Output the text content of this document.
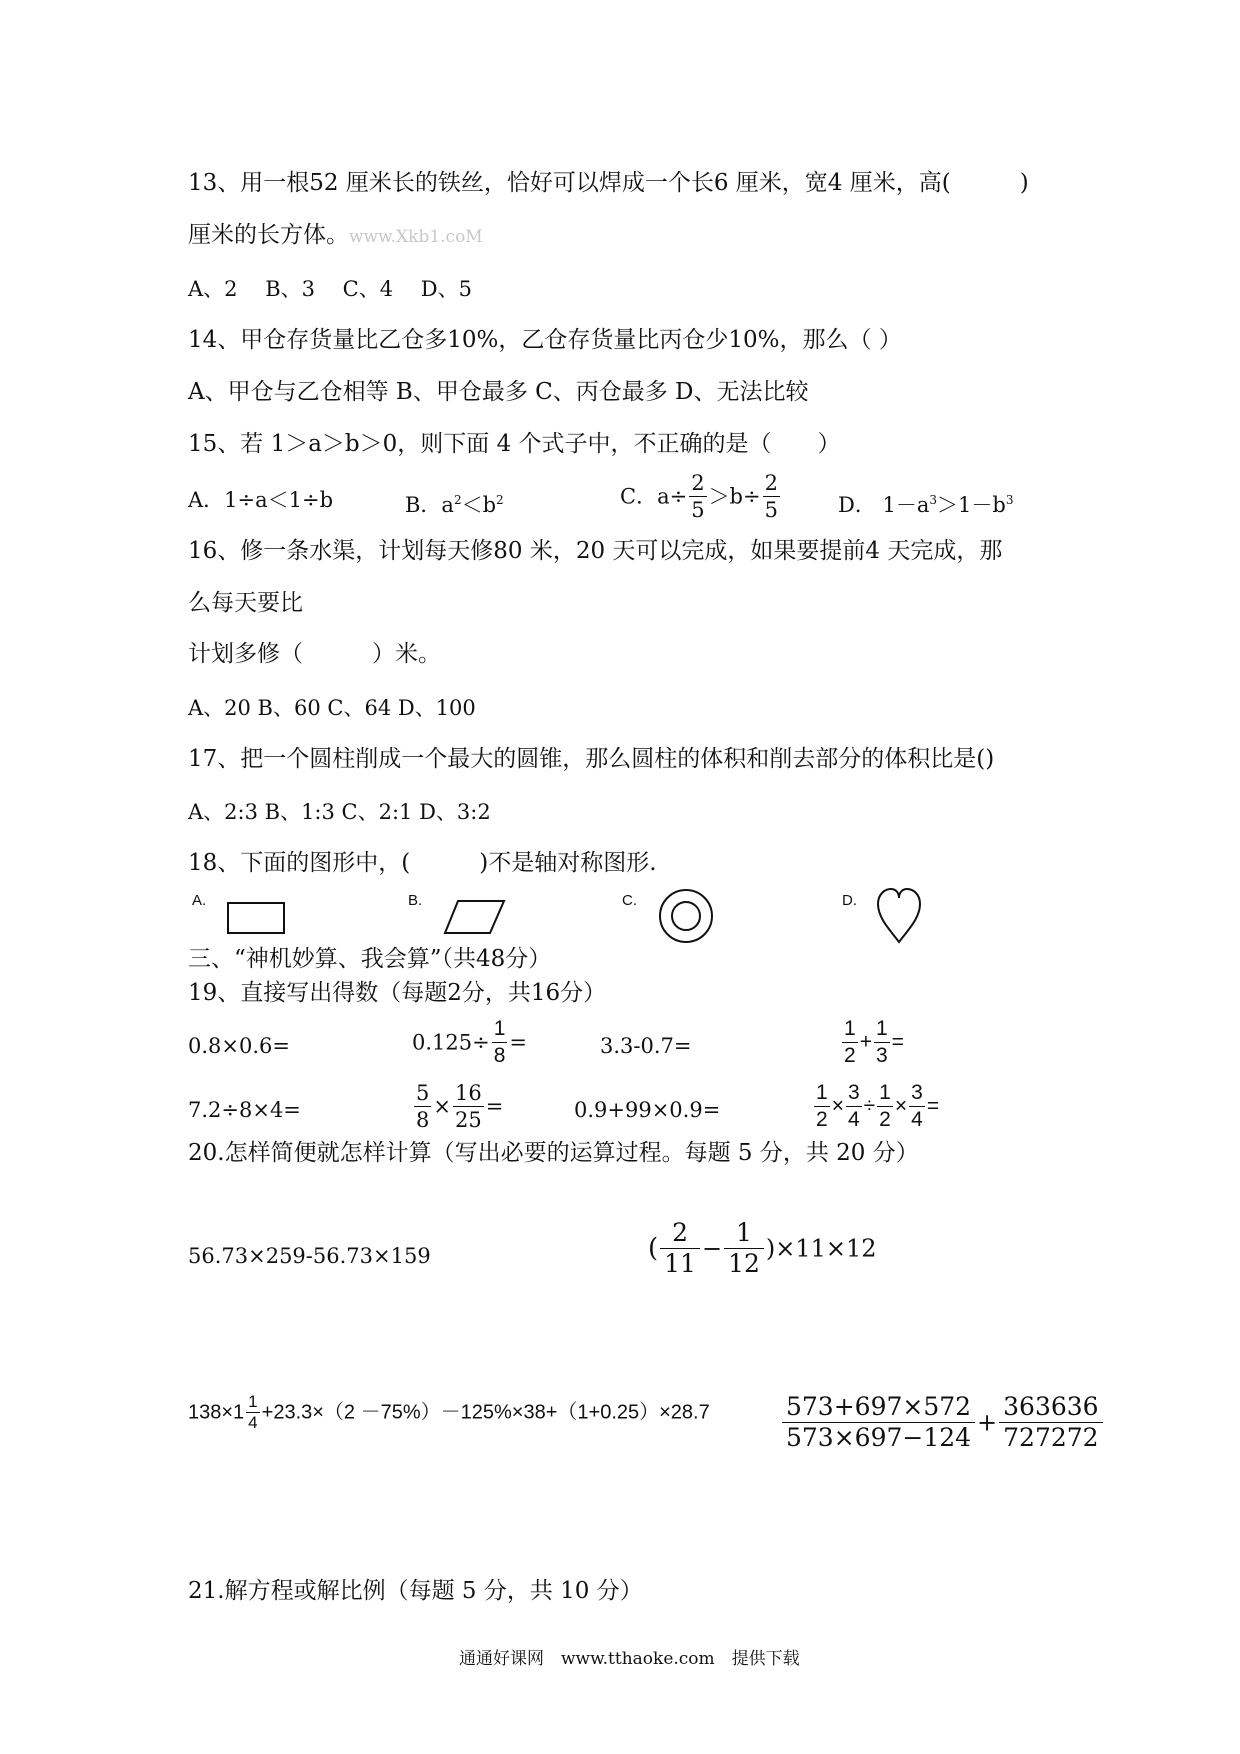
13、用一根52 厘米长的铁丝，恰好可以焊成一个长6 厘米，宽4 厘米，高(　　　)
厘米的长方体。www.Xkb1.coM
A、2　 B、3　 C、4　 D、5
14、甲仓存货量比乙仓多10%，乙仓存货量比丙仓少10%，那么（ ）
A、甲仓与乙仓相等 B、甲仓最多 C、丙仓最多 D、无法比较
15、若 1＞a＞b＞0，则下面 4 个式子中，不正确的是（　　）
A．1÷a＜1÷b	B．$a^2<b^2$	C．$a\div \frac{2}{5} >b\div \frac{2}{5}$	D． $1-a^3>1-b^3$
16、修一条水渠，计划每天修80 米，20 天可以完成，如果要提前4 天完成，那
么每天要比
计划多修（　　　）米。
A、20 B、60 C、64 D、100
17、把一个圆柱削成一个最大的圆锥，那么圆柱的体积和削去部分的体积比是()
A、2:3 B、1:3 C、2:1 D、3:2
18、下面的图形中，(　　　)不是轴对称图形.
A.	B.	C.	D.
三、“神机妙算、我会算”（共48分）
19、直接写出得数（每题2分，共16分）
0.8×0.6=	$0.125\div \frac{1}{8}$ =	3.3-0.7=	$\frac{1}{2} + \frac{1}{3}$ =
7.2÷8×4=	$\frac{5}{8} \times \frac{16}{25}$ =	0.9+99×0.9=	$\frac{1}{2} \times \frac{3}{4} \div \frac{1}{2} \times \frac{3}{4}$ =
20.怎样简便就怎样计算（写出必要的运算过程。每题 5 分，共 20 分）
56.73×259-56.73×159	( $\frac{2}{11} - \frac{1}{12} )\times 11\times 12$
$138\times 1 \frac{1}{4} +23.3\times(2 -75\%)-125\%\times 38+(1+0.25)\times 28.7$	$\frac{573+697\times 572}{573\times 697-124} + \frac{363636}{727272}$
21.解方程或解比例（每题 5 分，共 10 分）
通通好课网　www.tthaoke.com　提供下载
